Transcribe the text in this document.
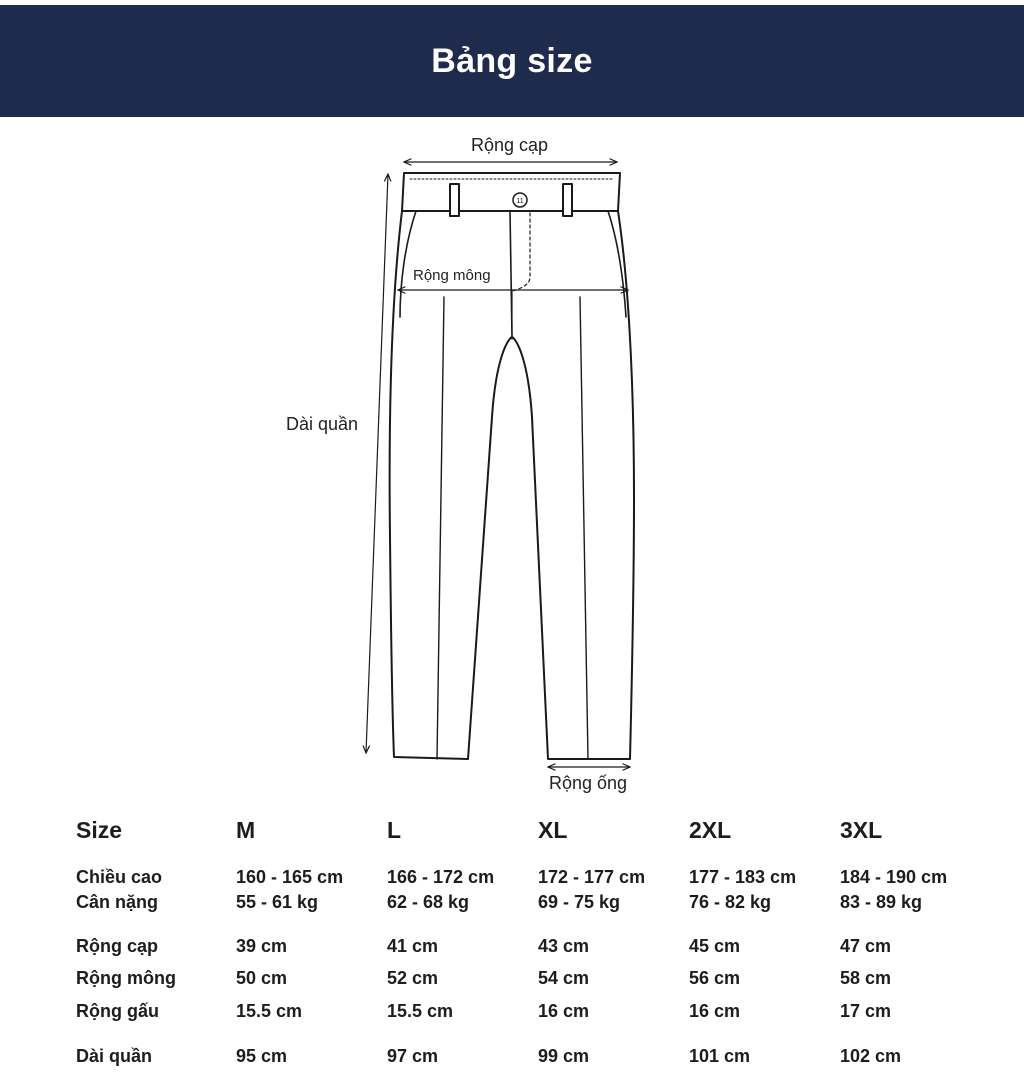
Bảng size
11
Rộng cạp
Rộng mông
Dài quần
Rộng ống
Size	M	L	XL	2XL	3XL
Chiều cao	160 - 165 cm	166 - 172 cm	172 - 177 cm	177 - 183 cm	184 - 190 cm
Cân nặng	55 - 61 kg	62 - 68 kg	69 - 75 kg	76 - 82 kg	83 - 89 kg
Rộng cạp	39 cm	41 cm	43 cm	45 cm	47 cm
Rộng mông	50 cm	52 cm	54 cm	56 cm	58 cm
Rộng gấu	15.5 cm	15.5 cm	16 cm	16 cm	17 cm
Dài quần	95 cm	97 cm	99 cm	101 cm	102 cm
